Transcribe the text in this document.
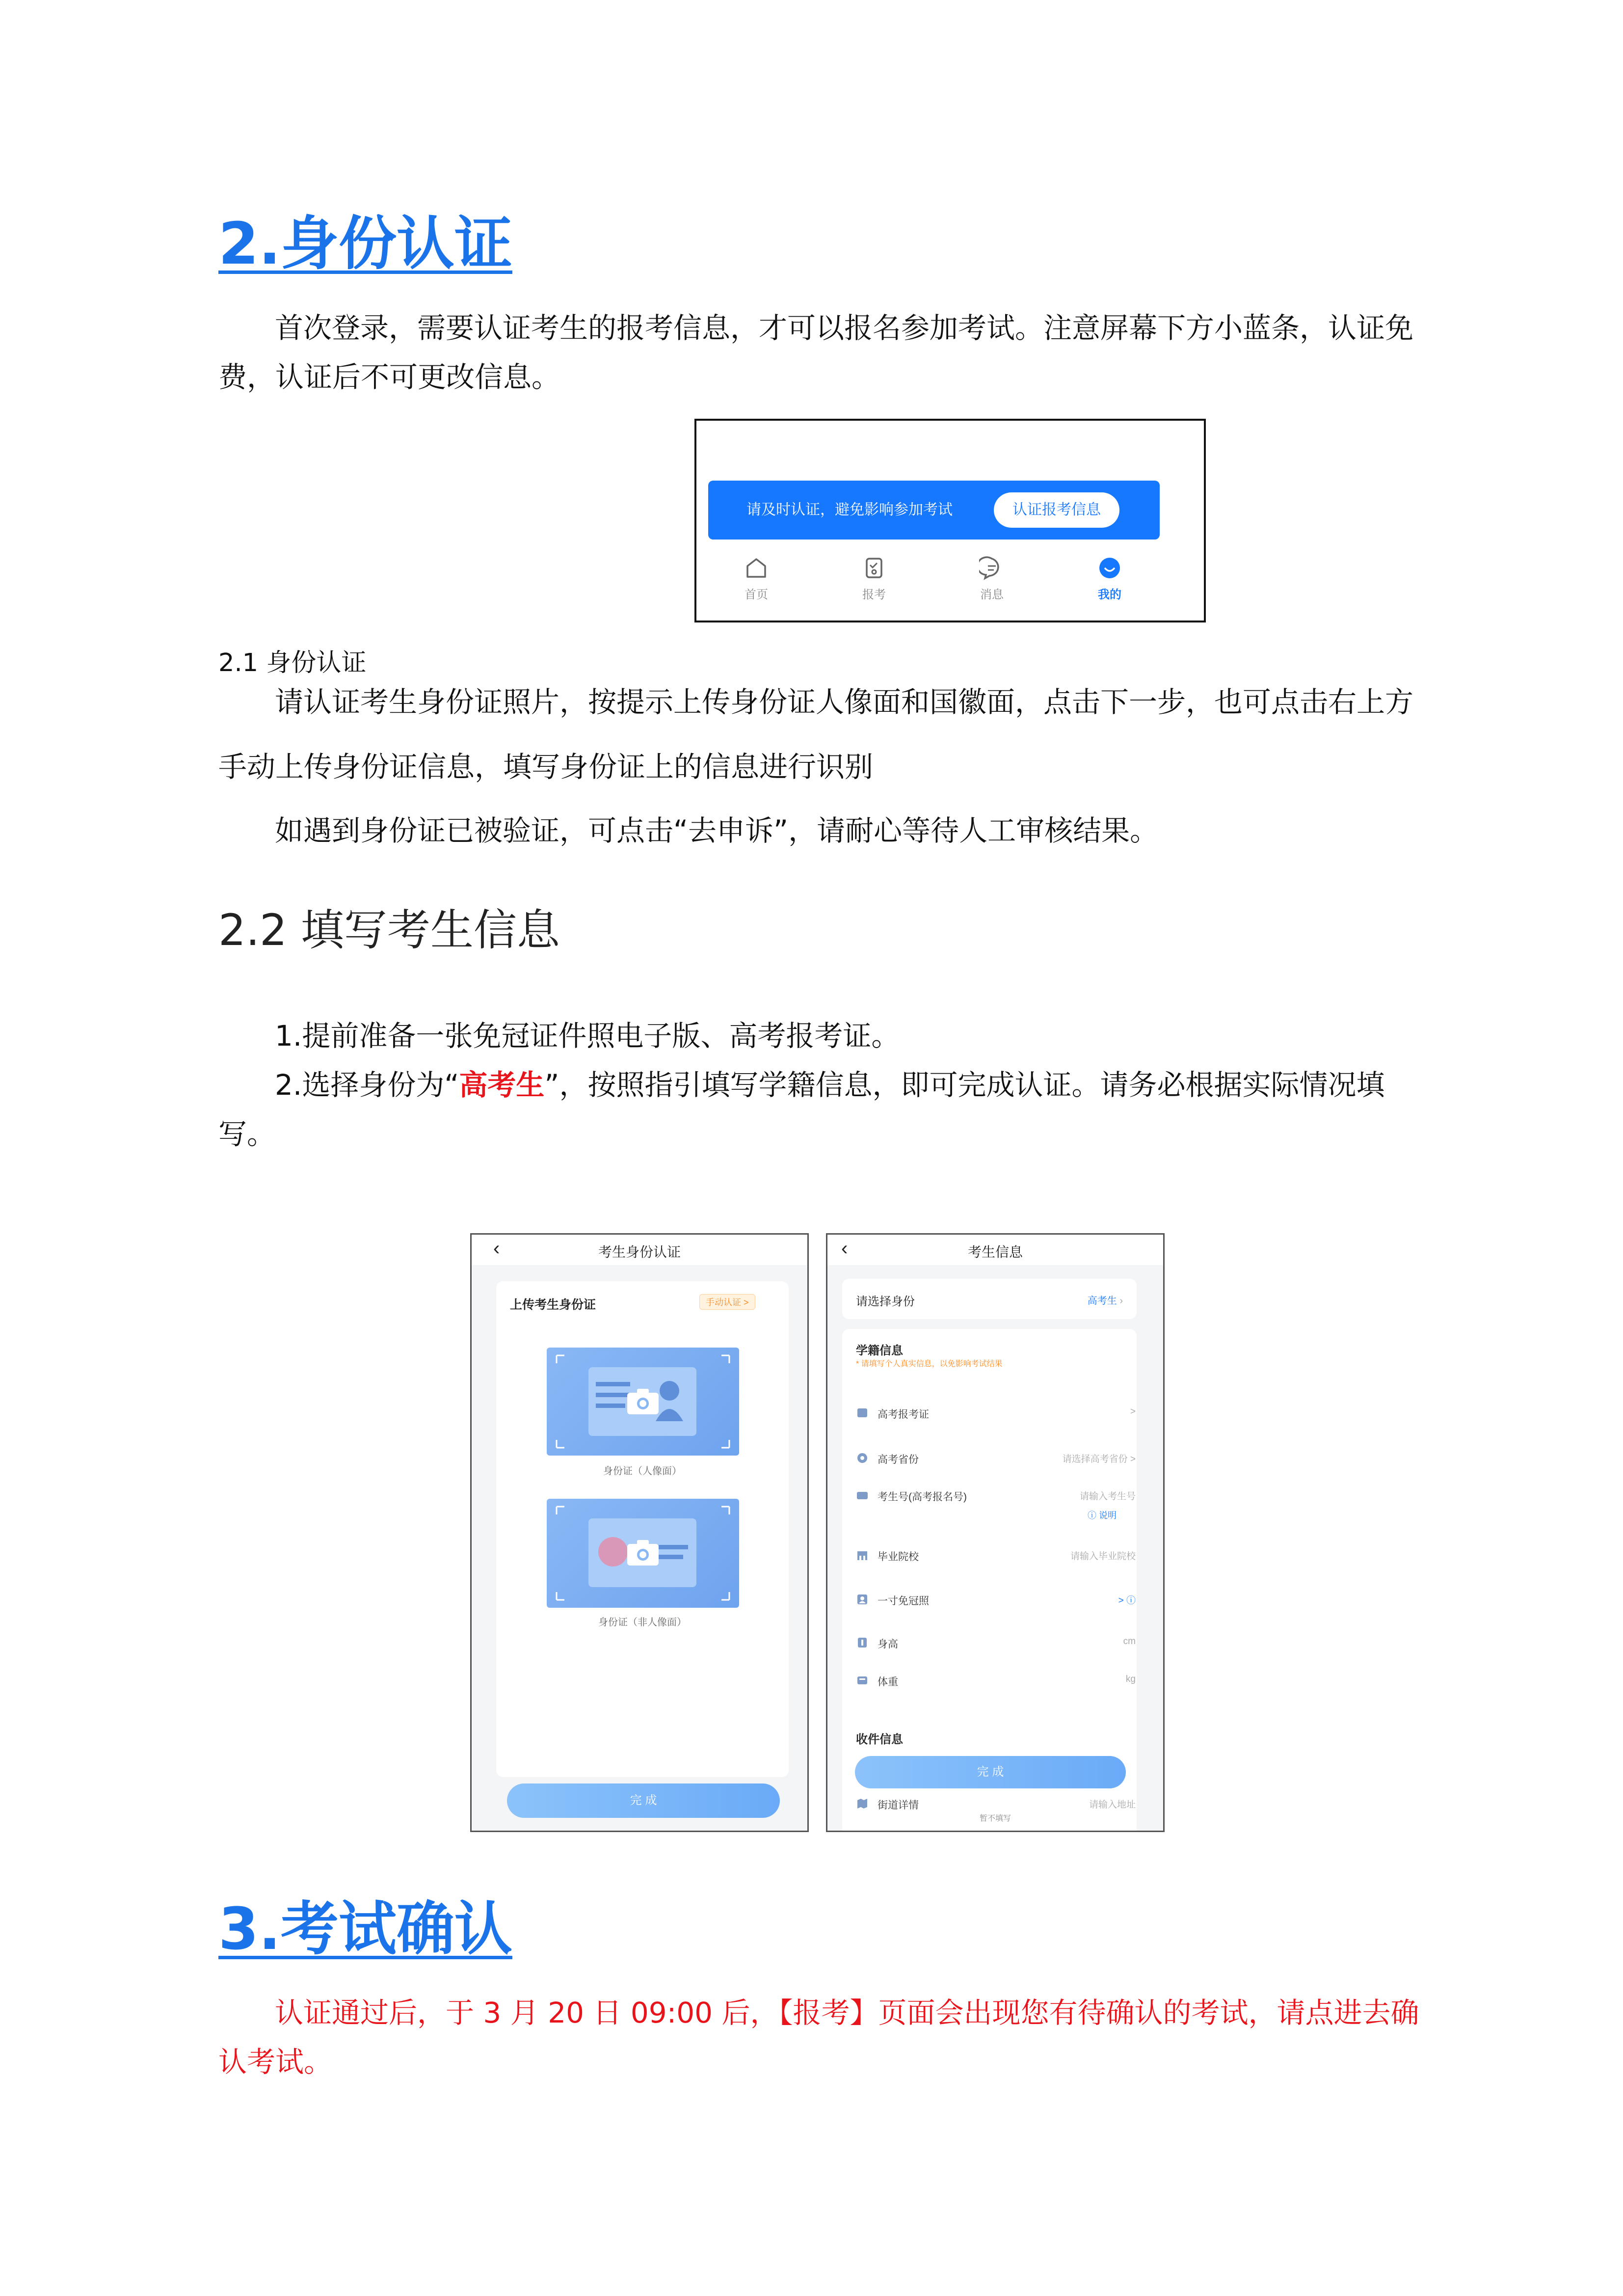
2.身份认证
首次登录，需要认证考生的报考信息，才可以报名参加考试。注意屏幕下方小蓝条，认证免
费，认证后不可更改信息。
请及时认证，避免影响参加考试	认证报考信息
首页	报考	消息	我的
2.1 身份认证
请认证考生身份证照片，按提示上传身份证人像面和国徽面，点击下一步，也可点击右上方
手动上传身份证信息，填写身份证上的信息进行识别
如遇到身份证已被验证，可点击“去申诉”，请耐心等待人工审核结果。
2.2 填写考生信息
1.提前准备一张免冠证件照电子版、高考报考证。
2.选择身份为“高考生”，按照指引填写学籍信息，即可完成认证。请务必根据实际情况填
写。
‹	考生身份认证
上传考生身份证	手动认证 >
身份证（人像面）
身份证（非人像面）
完 成
‹	考生信息
请选择身份	高考生 ›
学籍信息
* 请填写个人真实信息，以免影响考试结果
高考报考证	>
高考省份	请选择高考省份 >
考生号(高考报名号)	请输入考生号
ⓘ 说明
毕业院校	请输入毕业院校
一寸免冠照	> ⓘ
身高	cm
体重	kg
收件信息
完 成
街道详情	请输入地址
暂不填写
3.考试确认
认证通过后，于 3 月 20 日 09:00 后，【报考】页面会出现您有待确认的考试，请点进去确
认考试。
